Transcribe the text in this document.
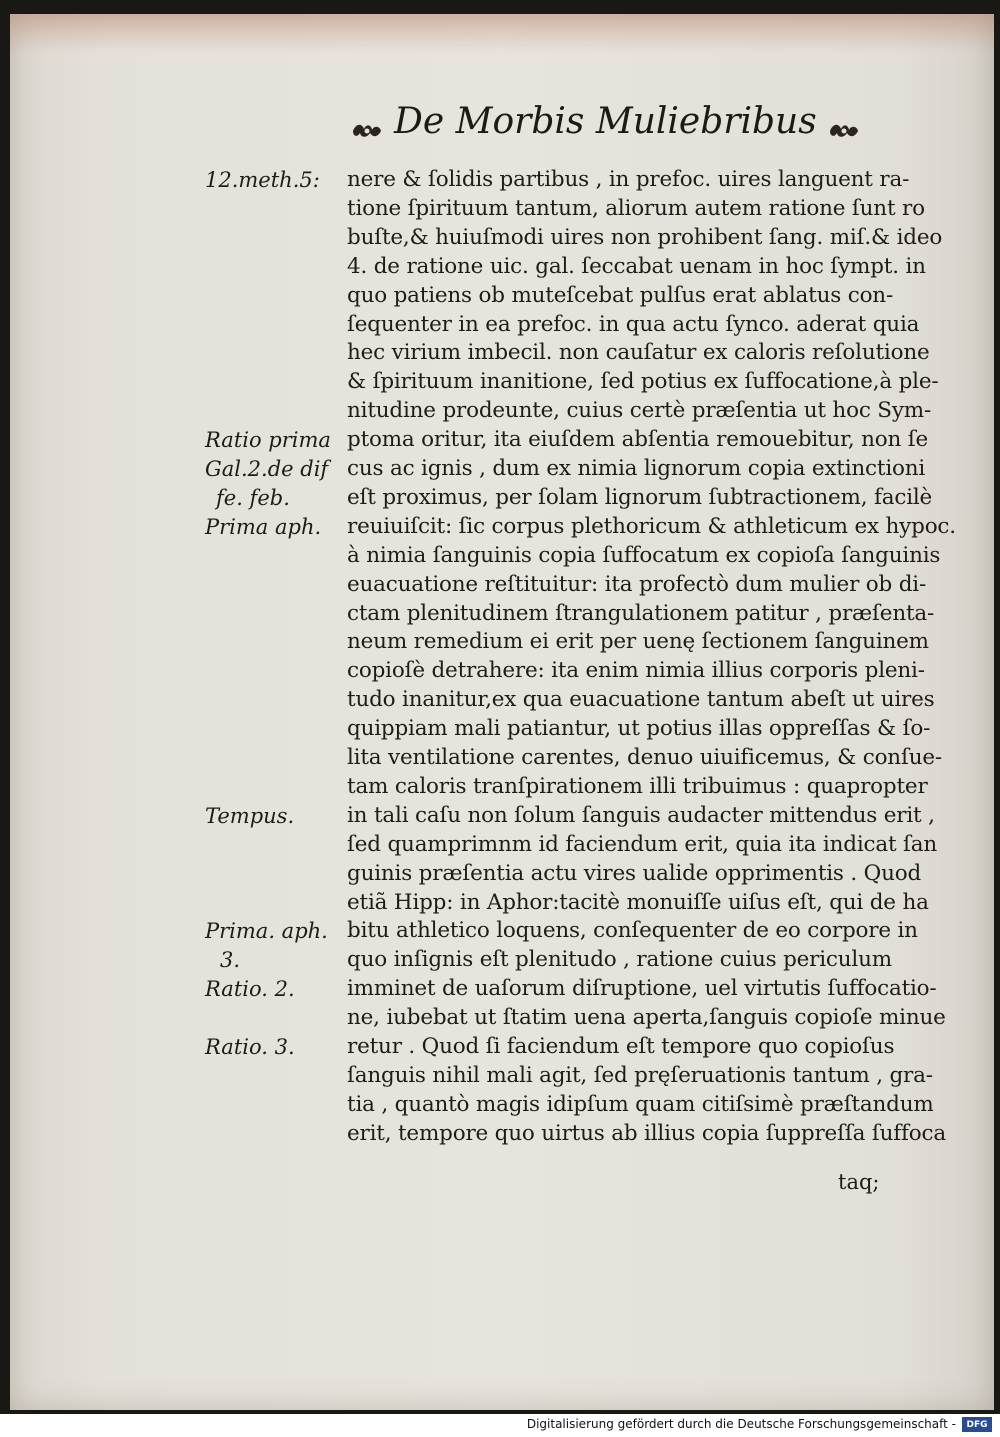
De Morbis Muliebribus
nere & ſolidis partibus , in prefoc. uires languent ra-
tione ſpirituum tantum, aliorum autem ratione ſunt ro
buſte,& huiuſmodi uires non prohibent ſang. miſ.& ideo
4. de ratione uic. gal. ſeccabat uenam in hoc ſympt. in
quo patiens ob muteſcebat pulſus erat ablatus con-
ſequenter in ea prefoc. in qua actu ſynco. aderat quia
hec virium imbecil. non cauſatur ex caloris reſolutione
& ſpirituum inanitione, ſed potius ex ſuffocatione,à ple-
nitudine prodeunte, cuius certè præſentia ut hoc Sym-
ptoma oritur, ita eiuſdem abſentia remouebitur, non ſe
cus ac ignis , dum ex nimia lignorum copia extinctioni
eſt proximus, per ſolam lignorum ſubtractionem, facilè
reuiuiſcit: ſic corpus plethoricum & athleticum ex hypoc.
à nimia ſanguinis copia ſuffocatum ex copioſa ſanguinis
euacuatione reſtituitur: ita profectò dum mulier ob di-
ctam plenitudinem ſtrangulationem patitur , præſenta-
neum remedium ei erit per uenę ſectionem ſanguinem
copioſè detrahere: ita enim nimia illius corporis pleni-
tudo inanitur,ex qua euacuatione tantum abeſt ut uires
quippiam mali patiantur, ut potius illas oppreſſas & ſo-
lita ventilatione carentes, denuo uiuificemus, & conſue-
tam caloris tranſpirationem illi tribuimus : quapropter
in tali caſu non ſolum ſanguis audacter mittendus erit ,
ſed quamprimnm id faciendum erit, quia ita indicat ſan
guinis præſentia actu vires ualide opprimentis . Quod
etiã Hipp: in Aphor:tacitè monuiſſe uiſus eſt, qui de ha
bitu athletico loquens, conſequenter de eo corpore in
quo inſignis eſt plenitudo , ratione cuius periculum
imminet de uaſorum diſruptione, uel virtutis ſuffocatio-
ne, iubebat ut ſtatim uena aperta,ſanguis copioſe minue
retur . Quod ſi faciendum eſt tempore quo copioſus
ſanguis nihil mali agit, ſed pręſeruationis tantum , gra-
tia , quantò magis idipſum quam citiſsimè præſtandum
erit, tempore quo uirtus ab illius copia ſuppreſſa ſuffoca
12.meth.5:
Ratio prima
Gal.2.de dif
fe. feb.
Prima aph.
Tempus.
Prima. aph.
3.
Ratio. 2.
Ratio. 3.
taq;
Digitalisierung gefördert durch die Deutsche Forschungsgemeinschaft -	DFG
